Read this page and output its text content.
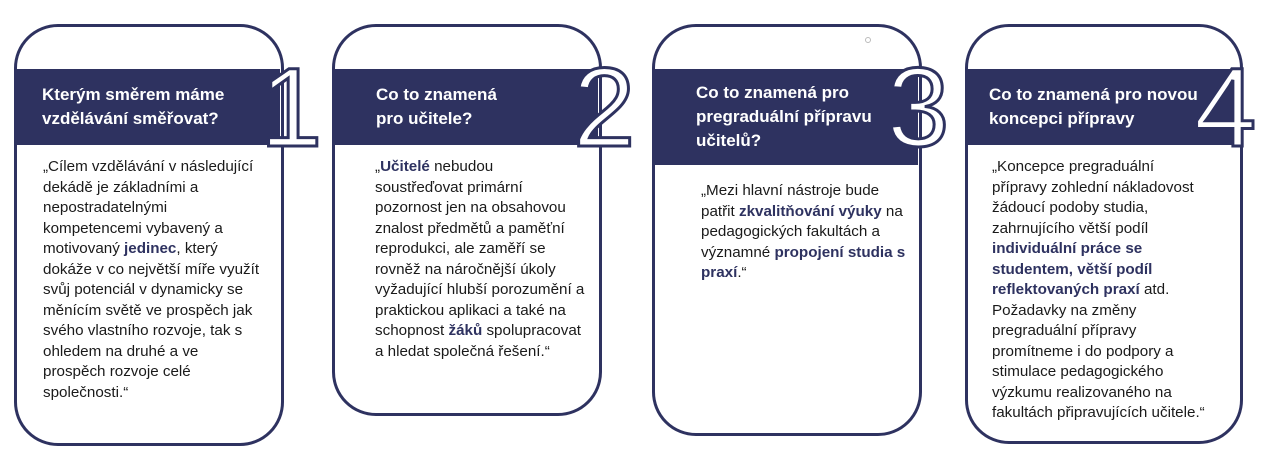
Kterým směrem máme
vzdělávání směřovat? 1
„Cílem vzdělávání v následující
dekádě je základními a
nepostradatelnými
kompetencemi vybavený a
motivovaný jedinec, který
dokáže v co největší míře využít
svůj potenciál v dynamicky se
měnícím světě ve prospěch jak
svého vlastního rozvoje, tak s
ohledem na druhé a ve
prospěch rozvoje celé
společnosti.“
Co to znamená
pro učitele? 2
„Učitelé nebudou
soustřeďovat primární
pozornost jen na obsahovou
znalost předmětů a paměťní
reprodukci, ale zaměří se
rovněž na náročnější úkoly
vyžadující hlubší porozumění a
praktickou aplikaci a také na
schopnost žáků spolupracovat
a hledat společná řešení.“
Co to znamená pro
pregraduální přípravu
učitelů?	3
„Mezi hlavní nástroje bude
patřit zkvalitňování výuky na
pedagogických fakultách a
významné propojení studia s
praxí.“
Co to znamená pro novou
koncepci přípravy 4
„Koncepce pregraduální
přípravy zohlední nákladovost
žádoucí podoby studia,
zahrnujícího větší podíl
individuální práce se
studentem, větší podíl
reflektovaných praxí atd.
Požadavky na změny
pregraduální přípravy
promítneme i do podpory a
stimulace pedagogického
výzkumu realizovaného na
fakultách připravujících učitele.“
